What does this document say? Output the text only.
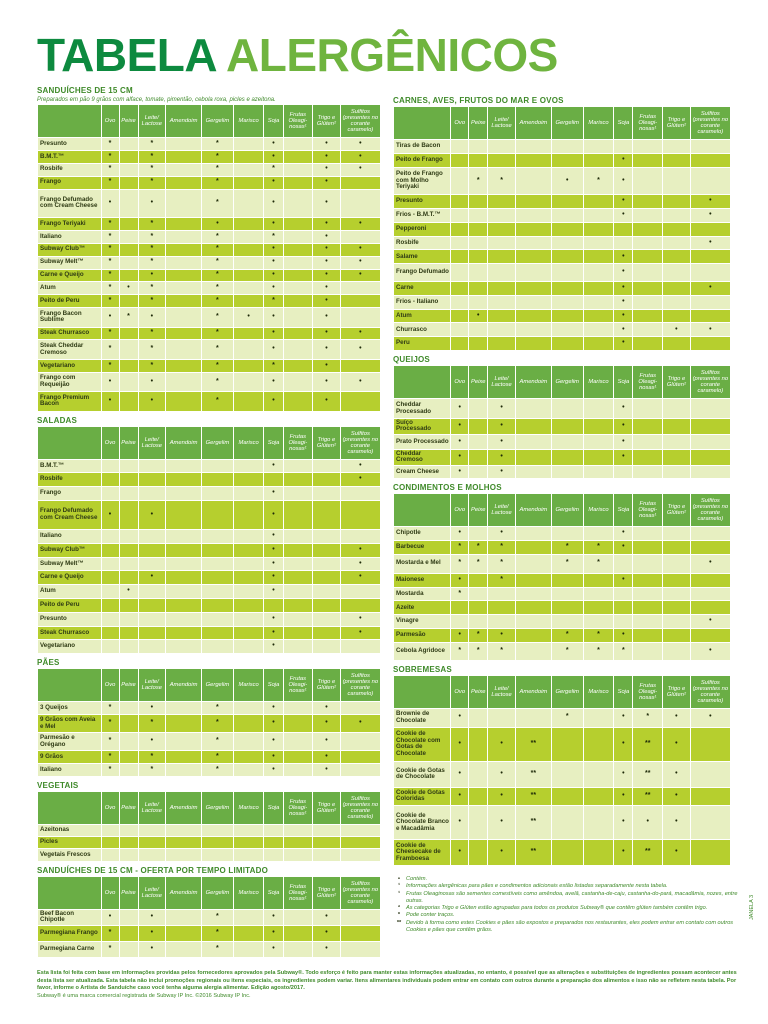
TABELA ALERGÊNICOS
SANDUÍCHES DE 15 CM
Preparados em pão 9 grãos com alface, tomate, pimentão, cebola roxa, picles e azeitona.
	Ovo	Peixe	Leite/ Lactose	Amendoim	Gergelim	Marisco	Soja	Frutas Oleagi- nosas¹	Trigo e Glúten²	Sulfitos (presentes no corante caramelo)
Presunto	*		*		*		•		•	•
B.M.T.™	*		*		*		•		•	•
Rosbife	*		*		*		*		•	•
Frango	*		*		*		•		•	
Frango Defumado com Cream Cheese	•		•		*		•		•	
Frango Teriyaki	*		*		•		•		•	•
Italiano	*		*		*		*		•	
Subway Club™	*		*		*		•		•	•
Subway Melt™	*		*		*		•		•	•
Carne e Queijo	*		•		*		•		•	•
Atum	*	•	*		*		•		•	
Peito de Peru	*		*		*		*		•	
Frango Bacon Sublime	•	*	•		*	•	•		•	
Steak Churrasco	*		*		*		•		•	•
Steak Cheddar Cremoso	*		*		*		•		•	•
Vegetariano	*		*		*		*		•	
Frango com Requeijão	•		•		*		•		•	•
Frango Premium Bacon	•		•		*		•		•	
SALADAS
	Ovo	Peixe	Leite/ Lactose	Amendoim	Gergelim	Marisco	Soja	Frutas Oleagi- nosas¹	Trigo e Glúten²	Sulfitos (presentes no corante caramelo)
B.M.T.™							•			•
Rosbife										•
Frango							•			
Frango Defumado com Cream Cheese	•		•				•			
Italiano							•			
Subway Club™							•			•
Subway Melt™							•			•
Carne e Queijo			•				•			•
Atum		•					•			
Peito de Peru										
Presunto							•			•
Steak Churrasco							•			•
Vegetariano							•			
PÃES
	Ovo	Peixe	Leite/ Lactose	Amendoim	Gergelim	Marisco	Soja	Frutas Oleagi- nosas¹	Trigo e Glúten²	Sulfitos (presentes no corante caramelo)
3 Queijos	*		•		*		•		•	
9 Grãos com Aveia e Mel	*		*		*		•		•	•
Parmesão e Orégano	*		•		*		•		•	
9 Grãos	*		*		*		•		•	
Italiano	*		*		*		•		•	
VEGETAIS
	Ovo	Peixe	Leite/ Lactose	Amendoim	Gergelim	Marisco	Soja	Frutas Oleagi- nosas¹	Trigo e Glúten²	Sulfitos (presentes no corante caramelo)
Azeitonas										
Picles										
Vegetais Frescos										
SANDUÍCHES DE 15 CM - OFERTA POR TEMPO LIMITADO
	Ovo	Peixe	Leite/ Lactose	Amendoim	Gergelim	Marisco	Soja	Frutas Oleagi- nosas¹	Trigo e Glúten²	Sulfitos (presentes no corante caramelo)
Beef Bacon Chipotle	•		•		*		•		•	
Parmegiana Frango	*		•		*		•		•	
Parmegiana Carne	*		•		*		•		•	
CARNES, AVES, FRUTOS DO MAR E OVOS
	Ovo	Peixe	Leite/ Lactose	Amendoim	Gergelim	Marisco	Soja	Frutas Oleagi- nosas¹	Trigo e Glúten²	Sulfitos (presentes no corante caramelo)
Tiras de Bacon										
Peito de Frango							•			
Peito de Frango com Molho Teriyaki		*	*		•	*	•			
Presunto							•			•
Frios - B.M.T.™							•			•
Pepperoni										
Rosbife										•
Salame							•			
Frango Defumado							•			
Carne							•			•
Frios - Italiano							•			
Atum		•					•			
Churrasco							•		•	•
Peru							•			
QUEIJOS
	Ovo	Peixe	Leite/ Lactose	Amendoim	Gergelim	Marisco	Soja	Frutas Oleagi- nosas¹	Trigo e Glúten²	Sulfitos (presentes no corante caramelo)
Cheddar Processado	•		•				•			
Suíço Processado	•		•				•			
Prato Processado	•		•				•			
Cheddar Cremoso	•		•				•			
Cream Cheese	•		•							
CONDIMENTOS E MOLHOS
	Ovo	Peixe	Leite/ Lactose	Amendoim	Gergelim	Marisco	Soja	Frutas Oleagi- nosas¹	Trigo e Glúten²	Sulfitos (presentes no corante caramelo)
Chipotle	•		•				•			
Barbecue	*	*	*		*	*	•			
Mostarda e Mel	*	*	*		*	*				•
Maionese	•		*				•			
Mostarda	*									
Azeite										
Vinagre										•
Parmesão	•	*	•		*	*	•			
Cebola Agridoce	*	*	*		*	*	*			•
SOBREMESAS
	Ovo	Peixe	Leite/ Lactose	Amendoim	Gergelim	Marisco	Soja	Frutas Oleagi- nosas¹	Trigo e Glúten²	Sulfitos (presentes no corante caramelo)
Brownie de Chocolate	•				*		•	*	•	•
Cookie de Chocolate com Gotas de Chocolate	•		•	**			•	**	•	
Cookie de Gotas de Chocolate	•		•	**			•	**	•	
Cookie de Gotas Coloridas	•		•	**			•	**	•	
Cookie de Chocolate Branco e Macadâmia	•		•	**			•	•	•	
Cookie de Cheesecake de Framboesa	•		•	**			•	**	•	
•	Contém.
¹	Informações alergênicas para pães e condimentos adicionais estão listadas separadamente nesta tabela.
¹	Frutas Oleaginosas são sementes comestíveis como amêndoa, avelã, castanha-de-caju, castanha-do-pará, macadâmia, nozes, entre outras.
²	As categorias Trigo e Glúten estão agrupadas para todos os produtos Subway® que contêm glúten também contêm trigo.
*	Pode conter traços.
** Devido à forma como estes Cookies e pães são expostos e preparados nos restaurantes, eles podem entrar em contato com outros Cookies e pães que contêm grãos.
JANELA 3
Esta lista foi feita com base em informações providas pelos fornecedores aprovados pela Subway®. Todo esforço é feito para manter estas informações atualizadas, no entanto, é possível que as alterações e substituições de ingredientes possam acontecer antes desta lista ser atualizada. Esta tabela não inclui promoções regionais ou itens especiais, os ingredientes podem variar. Itens alimentares individuais podem entrar em contato com outros durante a preparação dos alimentos e isso não se refletem nesta tabela. Por favor, informe o Artista de Sanduíche caso você tenha alguma alergia alimentar. Edição agosto/2017.
Subway® é uma marca comercial registrada de Subway IP Inc. ©2016 Subway IP Inc.
